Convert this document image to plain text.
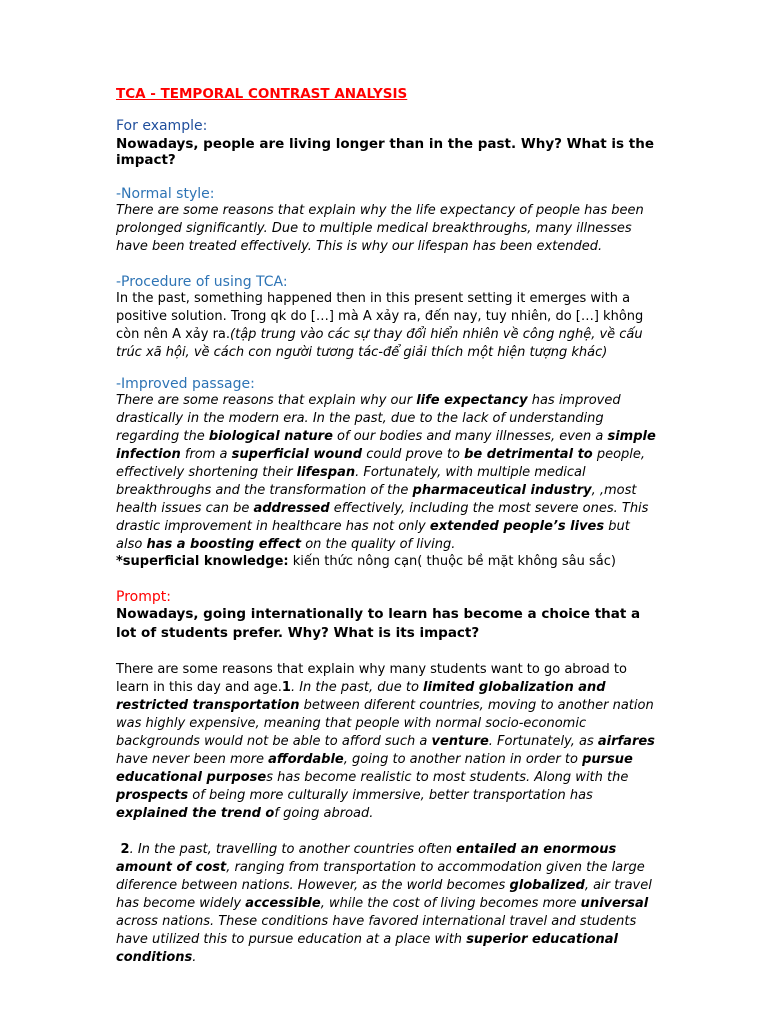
TCA - TEMPORAL CONTRAST ANALYSIS
For example:
Nowadays, people are living longer than in the past. Why? What is the impact?
-Normal style:
There are some reasons that explain why the life expectancy of people has been prolonged significantly. Due to multiple medical breakthroughs, many illnesses have been treated effectively. This is why our lifespan has been extended.
-Procedure of using TCA:
In the past, something happened then in this present setting it emerges with a positive solution. Trong qk do […] mà A xảy ra, đến nay, tuy nhiên, do […] không còn nên A xảy ra.(tập trung vào các sự thay đổi hiển nhiên về công nghệ, về cấu trúc xã hội, về cách con người tương tác-để giải thích một hiện tượng khác)
-Improved passage:
There are some reasons that explain why our life expectancy has improved drastically in the modern era. In the past, due to the lack of understanding regarding the biological nature of our bodies and many illnesses, even a simple infection from a superficial wound could prove to be detrimental to people, effectively shortening their lifespan. Fortunately, with multiple medical breakthroughs and the transformation of the pharmaceutical industry, ,most health issues can be addressed effectively, including the most severe ones. This drastic improvement in healthcare has not only extended people’s lives but also has a boosting effect on the quality of living.
*superficial knowledge: kiến thức nông cạn( thuộc bề mặt không sâu sắc)
Prompt:
Nowadays, going internationally to learn has become a choice that a lot of students prefer. Why? What is its impact?
There are some reasons that explain why many students want to go abroad to learn in this day and age.1. In the past, due to limited globalization and restricted transportation between diferent countries, moving to another nation was highly expensive, meaning that people with normal socio-economic backgrounds would not be able to afford such a venture. Fortunately, as airfares have never been more affordable, going to another nation in order to pursue educational purposes has become realistic to most students. Along with the prospects of being more culturally immersive, better transportation has explained the trend of going abroad.
2. In the past, travelling to another countries often entailed an enormous amount of cost, ranging from transportation to accommodation given the large diference between nations. However, as the world becomes globalized, air travel has become widely accessible, while the cost of living becomes more universal across nations. These conditions have favored international travel and students have utilized this to pursue education at a place with superior educational conditions.
